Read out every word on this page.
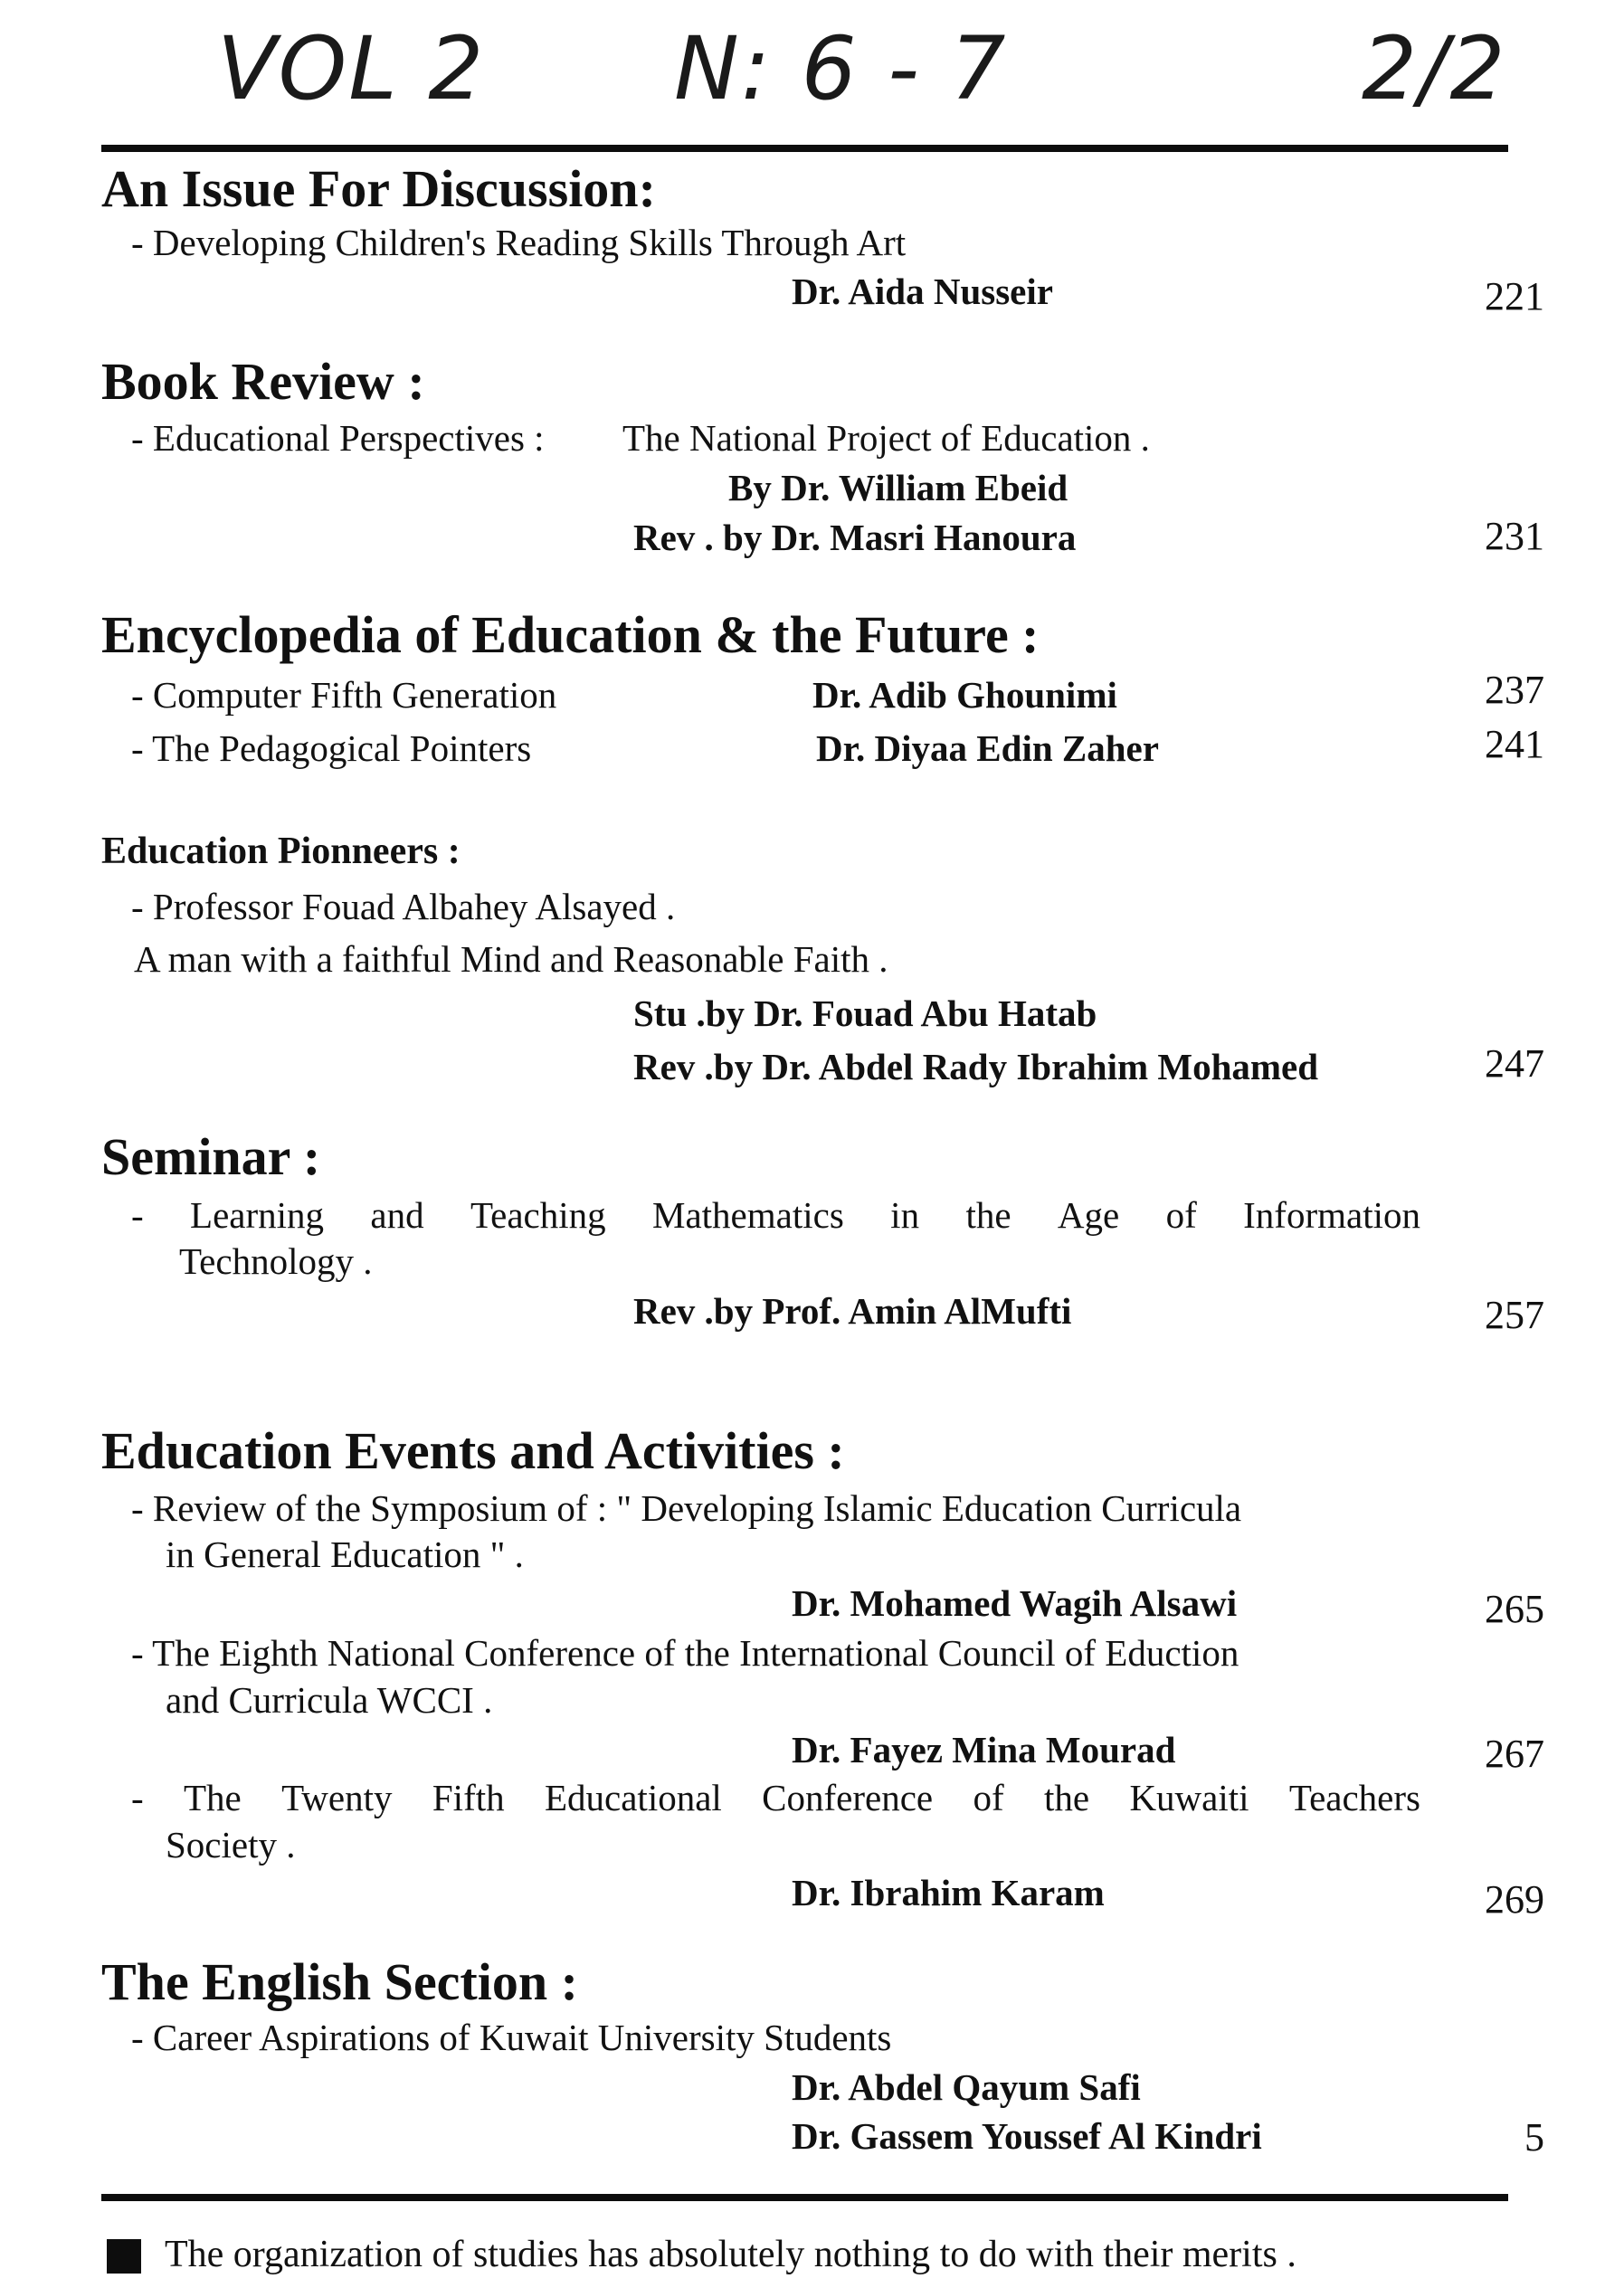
VOL 2 N: 6 - 7	2/2
An Issue For Discussion:
- Developing Children's Reading Skills Through Art
Dr. Aida Nusseir	221
Book Review :
- Educational Perspectives : The National Project of Education .
By Dr. William Ebeid
Rev . by Dr. Masri Hanoura	231
Encyclopedia of Education & the Future :
- Computer Fifth Generation	Dr. Adib Ghounimi	237
- The Pedagogical Pointers	Dr. Diyaa Edin Zaher	241
Education Pionneers :
- Professor Fouad Albahey Alsayed .
A man with a faithful Mind and Reasonable Faith .
Stu .by Dr. Fouad Abu Hatab
Rev .by Dr. Abdel Rady Ibrahim Mohamed	247
Seminar :
- Learning and Teaching Mathematics in the Age of Information
Technology .
Rev .by Prof. Amin AlMufti	257
Education Events and Activities :
- Review of the Symposium of : " Developing Islamic Education Curricula
in General Education " .
Dr. Mohamed Wagih Alsawi	265
- The Eighth National Conference of the International Council of Eduction
and Curricula WCCI .
Dr. Fayez Mina Mourad	267
- The Twenty Fifth Educational Conference of the Kuwaiti Teachers
Society .
Dr. Ibrahim Karam	269
The English Section :
- Career Aspirations of Kuwait University Students
Dr. Abdel Qayum Safi
Dr. Gassem Youssef Al Kindri	5
The organization of studies has absolutely nothing to do with their merits .
